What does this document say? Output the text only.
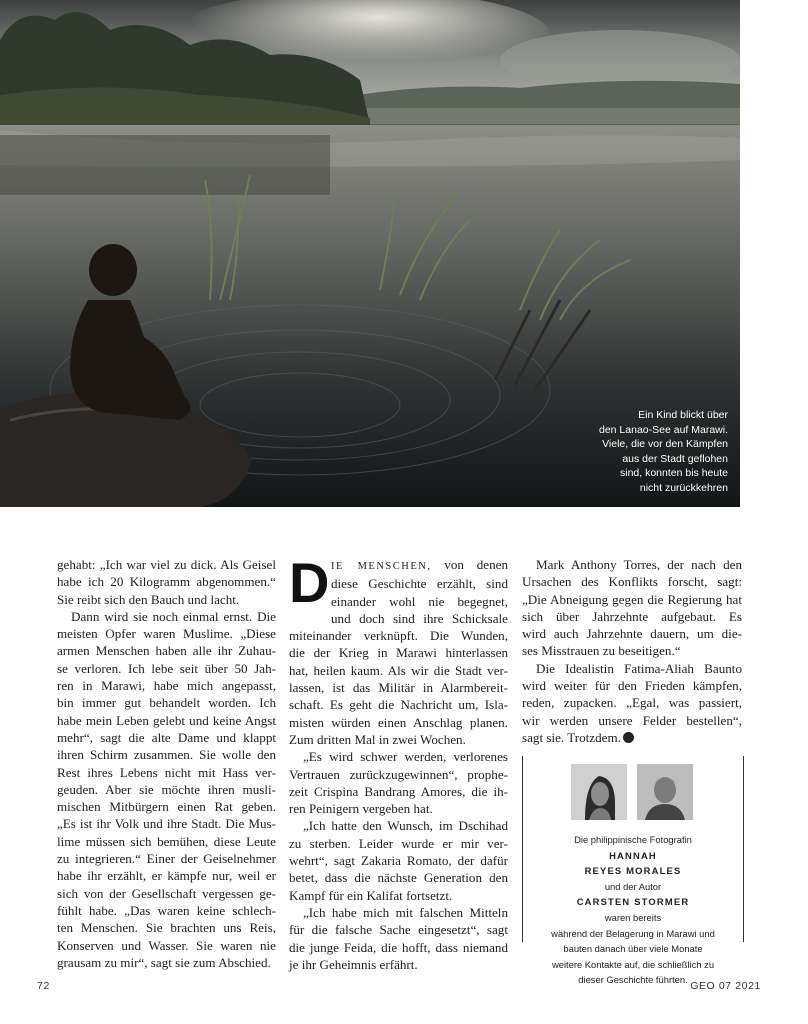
Ein Kind blickt über
den Lanao-See auf Marawi.
Viele, die vor den Kämpfen
aus der Stadt geflohen
sind, konnten bis heute
nicht zurückkehren
gehabt: „Ich war viel zu dick. Als Geisel
habe ich 20 Kilogramm abgenommen.“
Sie reibt sich den Bauch und lacht.
Dann wird sie noch einmal ernst. Die
meisten Opfer waren Muslime. „Diese
armen Menschen haben alle ihr Zuhau-
se verloren. Ich lebe seit über 50 Jah-
ren in Marawi, habe mich angepasst,
bin immer gut behandelt worden. Ich
habe mein Leben gelebt und keine Angst
mehr“, sagt die alte Dame und klappt
ihren Schirm zusammen. Sie wolle den
Rest ihres Lebens nicht mit Hass ver-
geuden. Aber sie möchte ihren musli-
mischen Mitbürgern einen Rat geben.
„Es ist ihr Volk und ihre Stadt. Die Mus-
lime müssen sich bemühen, diese Leute
zu integrieren.“ Einer der Geiselnehmer
habe ihr erzählt, er kämpfe nur, weil er
sich von der Gesellschaft vergessen ge-
fühlt habe. „Das waren keine schlech-
ten Menschen. Sie brachten uns Reis,
Konserven und Wasser. Sie waren nie
grausam zu mir“, sagt sie zum Abschied.
D IE MENSCHEN, von denen
diese Geschichte erzählt, sind
einander wohl nie begegnet,
und doch sind ihre Schicksale
miteinander verknüpft. Die Wunden,
die der Krieg in Marawi hinterlassen
hat, heilen kaum. Als wir die Stadt ver-
lassen, ist das Militär in Alarmbereit-
schaft. Es geht die Nachricht um, Isla-
misten würden einen Anschlag planen.
Zum dritten Mal in zwei Wochen.
„Es wird schwer werden, verlorenes
Vertrauen zurückzugewinnen“, prophe-
zeit Crispina Bandrang Amores, die ih-
ren Peinigern vergeben hat.
„Ich hatte den Wunsch, im Dschihad
zu sterben. Leider wurde er mir ver-
wehrt“, sagt Zakaria Romato, der dafür
betet, dass die nächste Generation den
Kampf für ein Kalifat fortsetzt.
„Ich habe mich mit falschen Mitteln
für die falsche Sache eingesetzt“, sagt
die junge Feida, die hofft, dass niemand
je ihr Geheimnis erfährt.
Mark Anthony Torres, der nach den
Ursachen des Konflikts forscht, sagt:
„Die Abneigung gegen die Regierung hat
sich über Jahrzehnte aufgebaut. Es
wird auch Jahrzehnte dauern, um die-
ses Misstrauen zu beseitigen.“
Die Idealistin Fatima-Aliah Baunto
wird weiter für den Frieden kämpfen,
reden, zupacken. „Egal, was passiert,
wir werden unsere Felder bestellen“,
sagt sie. Trotzdem.
Die philippinische Fotografin
HANNAH
REYES MORALES
und der Autor
CARSTEN STORMER
waren bereits
während der Belagerung in Marawi und
bauten danach über viele Monate
weitere Kontakte auf, die schließlich zu
dieser Geschichte führten.
72	GEO 07 2021
